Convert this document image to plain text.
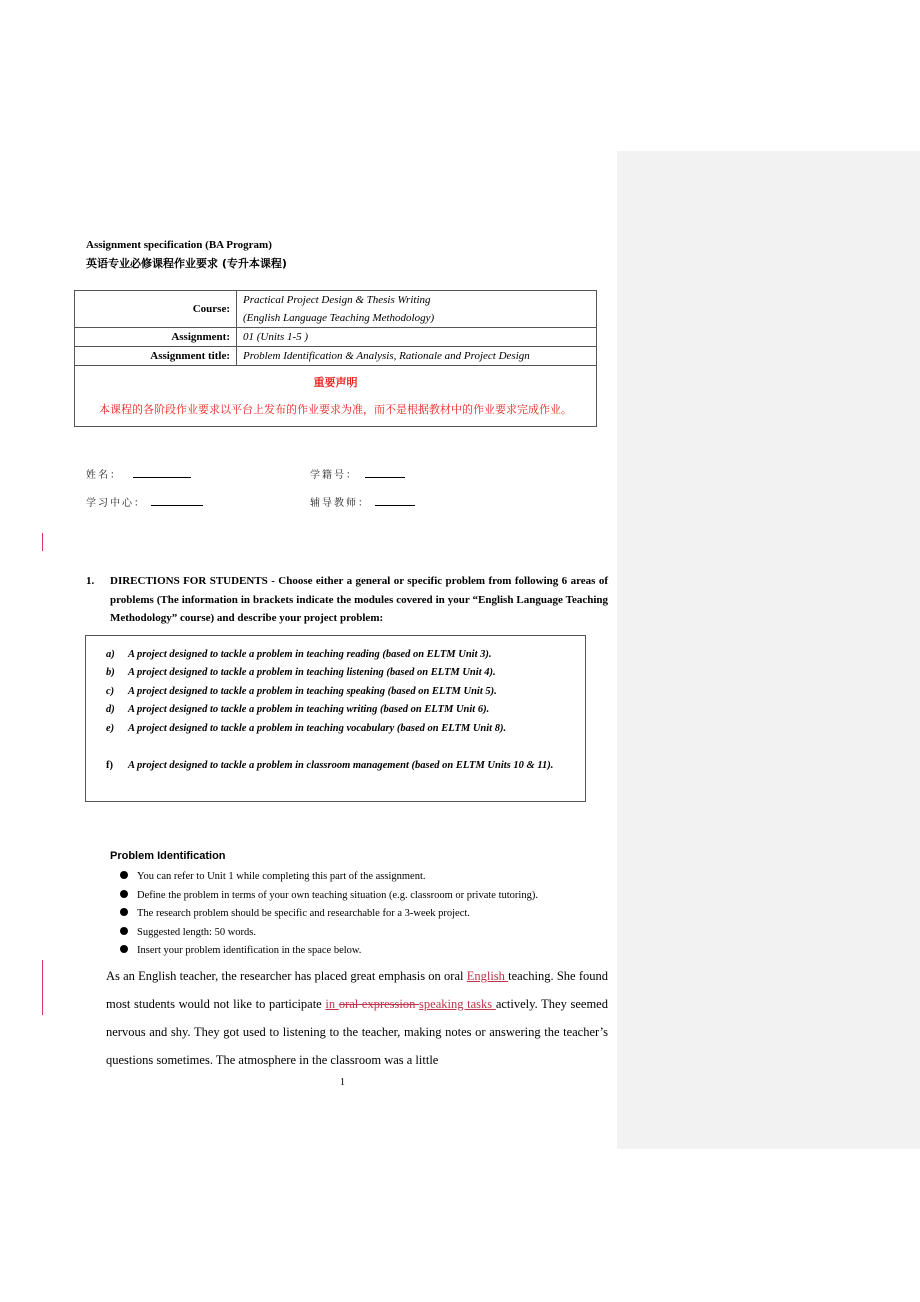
Assignment specification (BA Program)
英语专业必修课程作业要求 (专升本课程)
Course:	Practical Project Design & Thesis Writing
	(English Language Teaching Methodology)
Assignment:	01 (Units 1-5 )
Assignment title:	Problem Identification & Analysis, Rationale and Project Design

重要声明
本课程的各阶段作业要求以平台上发布的作业要求为准，而不是根据教材中的作业要求完成作业。	
姓名：	学籍号：
学习中心：	辅导教师：
1. DIRECTIONS FOR STUDENTS - Choose either a general or specific problem from following 6 areas of problems (The information in brackets indicate the modules covered in your “English Language Teaching Methodology” course) and describe your project problem:
a) A project designed to tackle a problem in teaching reading (based on ELTM Unit 3).
b) A project designed to tackle a problem in teaching listening (based on ELTM Unit 4).
c) A project designed to tackle a problem in teaching speaking (based on ELTM Unit 5).
d) A project designed to tackle a problem in teaching writing (based on ELTM Unit 6).
e) A project designed to tackle a problem in teaching vocabulary (based on ELTM Unit 8).
f) A project designed to tackle a problem in classroom management (based on ELTM Units 10 & 11).
Problem Identification
You can refer to Unit 1 while completing this part of the assignment.
Define the problem in terms of your own teaching situation (e.g. classroom or private tutoring).
The research problem should be specific and researchable for a 3-week project.
Suggested length: 50 words.
Insert your problem identification in the space below.
As an English teacher, the researcher has placed great emphasis on oral English teaching. She found most students would not like to participate in oral expression speaking tasks actively. They seemed nervous and shy. They got used to listening to the teacher, making notes or answering the teacher’s questions sometimes. The atmosphere in the classroom was a little
1
